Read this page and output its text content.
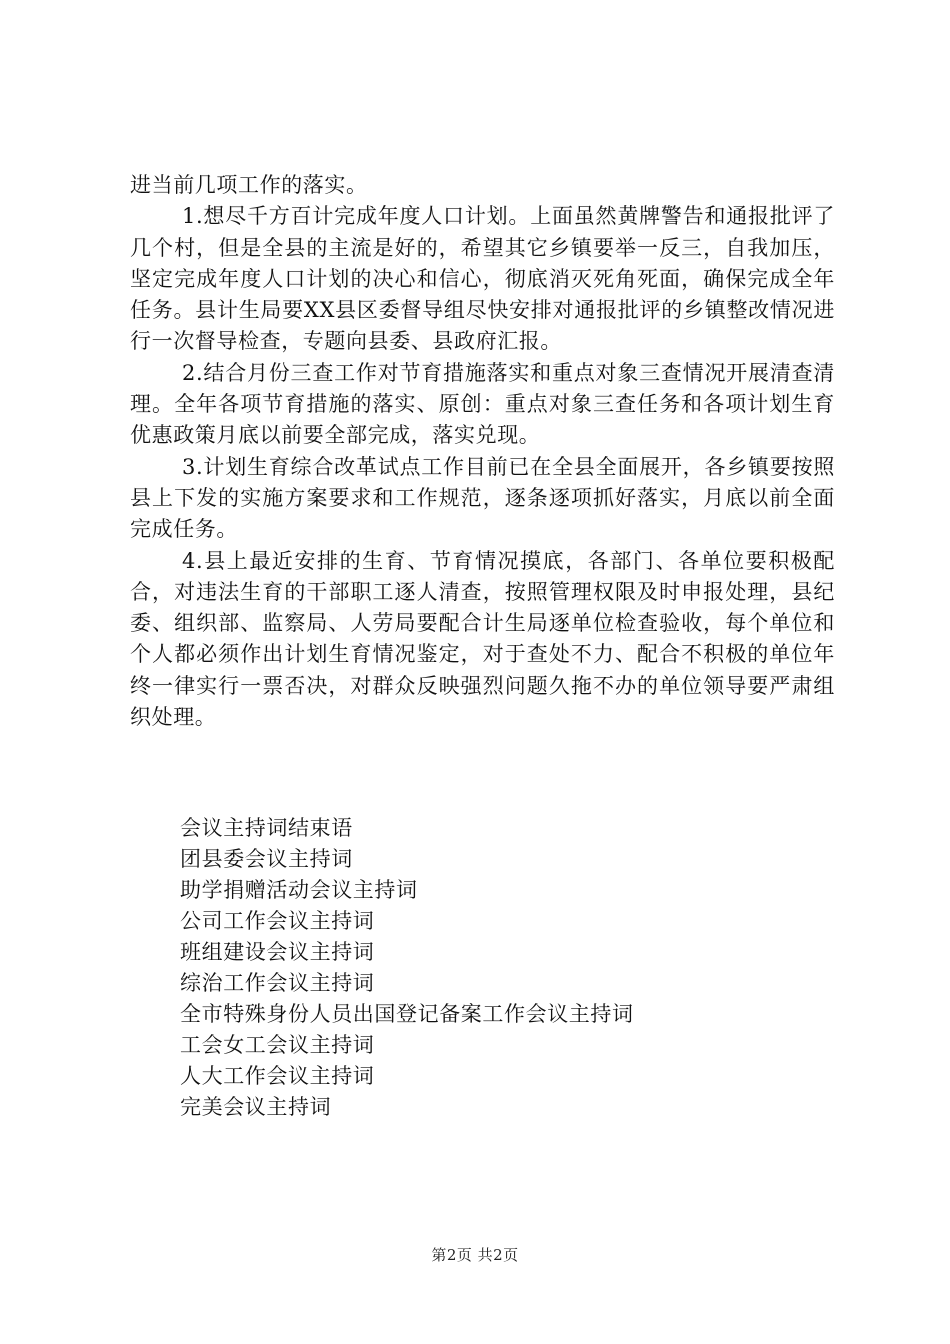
进当前几项工作的落实。

1.想尽千方百计完成年度人口计划。上面虽然黄牌警告和通报批评了几个村，但是全县的主流是好的，希望其它乡镇要举一反三，自我加压，坚定完成年度人口计划的决心和信心，彻底消灭死角死面，确保完成全年任务。县计生局要XX县区委督导组尽快安排对通报批评的乡镇整改情况进行一次督导检查，专题向县委、县政府汇报。

2.结合月份三查工作对节育措施落实和重点对象三查情况开展清查清理。全年各项节育措施的落实、原创：重点对象三查任务和各项计划生育优惠政策月底以前要全部完成，落实兑现。

3.计划生育综合改革试点工作目前已在全县全面展开，各乡镇要按照县上下发的实施方案要求和工作规范，逐条逐项抓好落实，月底以前全面完成任务。

4.县上最近安排的生育、节育情况摸底，各部门、各单位要积极配合，对违法生育的干部职工逐人清查，按照管理权限及时申报处理，县纪委、组织部、监察局、人劳局要配合计生局逐单位检查验收，每个单位和个人都必须作出计划生育情况鉴定，对于查处不力、配合不积极的单位年终一律实行一票否决，对群众反映强烈问题久拖不办的单位领导要严肃组织处理。

会议主持词结束语
团县委会议主持词
助学捐赠活动会议主持词
公司工作会议主持词
班组建设会议主持词
综治工作会议主持词
全市特殊身份人员出国登记备案工作会议主持词
工会女工会议主持词
人大工作会议主持词
完美会议主持词
第2页 共2页
